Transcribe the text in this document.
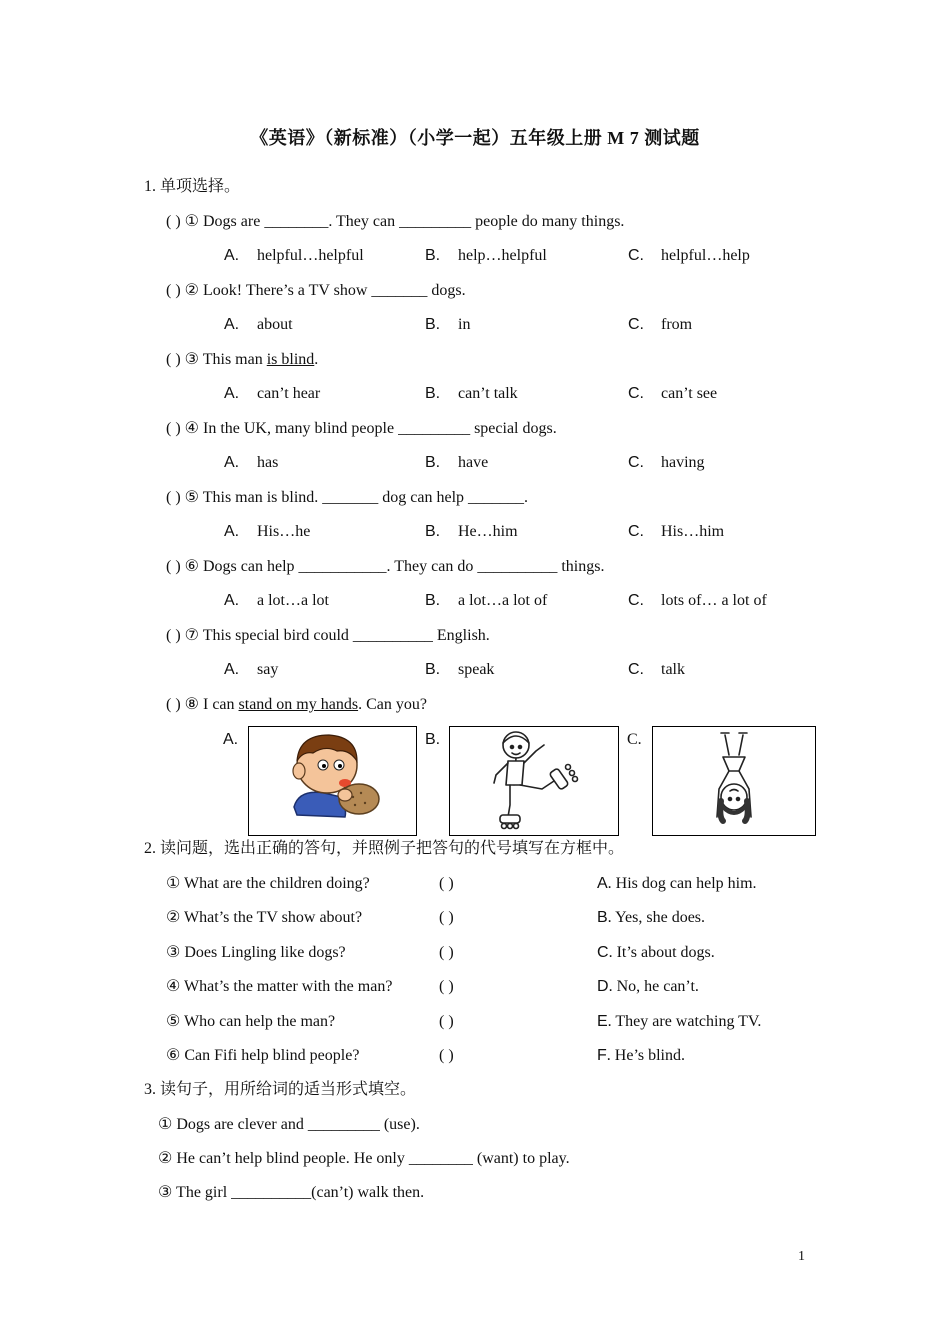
《英语》（新标准）（小学一起）五年级上册 M 7 测试题
1. 单项选择。
( ) ① Dogs are ________. They can _________ people do many things.
A. helpful…helpful	B. help…helpful	C. helpful…help
( ) ② Look! There’s a TV show _______ dogs.
A. about	B. in	C. from
( ) ③ This man is blind.
A. can’t hear	B. can’t talk	C. can’t see
( ) ④ In the UK, many blind people _________ special dogs.
A. has	B. have	C. having
( ) ⑤ This man is blind. _______ dog can help _______.
A. His…he	B. He…him	C. His…him
( ) ⑥ Dogs can help ___________. They can do __________ things.
A. a lot…a lot	B. a lot…a lot of	C. lots of… a lot of
( ) ⑦ This special bird could __________ English.
A. say	B. speak	C. talk
( ) ⑧ I can stand on my hands. Can you?
A.	B.	C.
2. 读问题，选出正确的答句，并照例子把答句的代号填写在方框中。
① What are the children doing?	( )	A. His dog can help him.
② What’s the TV show about?	( )	B. Yes, she does.
③ Does Lingling like dogs?	( )	C. It’s about dogs.
④ What’s the matter with the man?	( )	D. No, he can’t.
⑤ Who can help the man?	( )	E. They are watching TV.
⑥ Can Fifi help blind people?	( )	F. He’s blind.
3. 读句子，用所给词的适当形式填空。
① Dogs are clever and _________ (use).
② He can’t help blind people. He only ________ (want) to play.
③ The girl __________(can’t) walk then.
1
